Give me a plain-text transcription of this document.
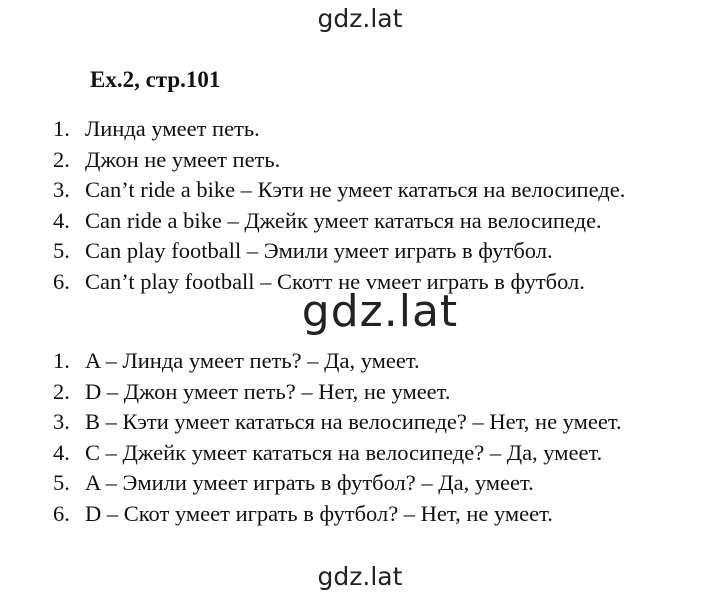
gdz.lat
Ex.2, стр.101
1. Линда умеет петь.
2. Джон не умеет петь.
3. Can’t ride a bike – Кэти не умеет кататься на велосипеде.
4. Can ride a bike – Джейк умеет кататься на велосипеде.
5. Can play football – Эмили умеет играть в футбол.
6. Can’t play football – Скотт не vмеет играть в футбол.
gdz.lat
1. A – Линда умеет петь? – Да, умеет.
2. D – Джон умеет петь? – Нет, не умеет.
3. B – Кэти умеет кататься на велосипеде? – Нет, не умеет.
4. C – Джейк умеет кататься на велосипеде? – Да, умеет.
5. A – Эмили умеет играть в футбол? – Да, умеет.
6. D – Скот умеет играть в футбол? – Нет, не умеет.
gdz.lat
